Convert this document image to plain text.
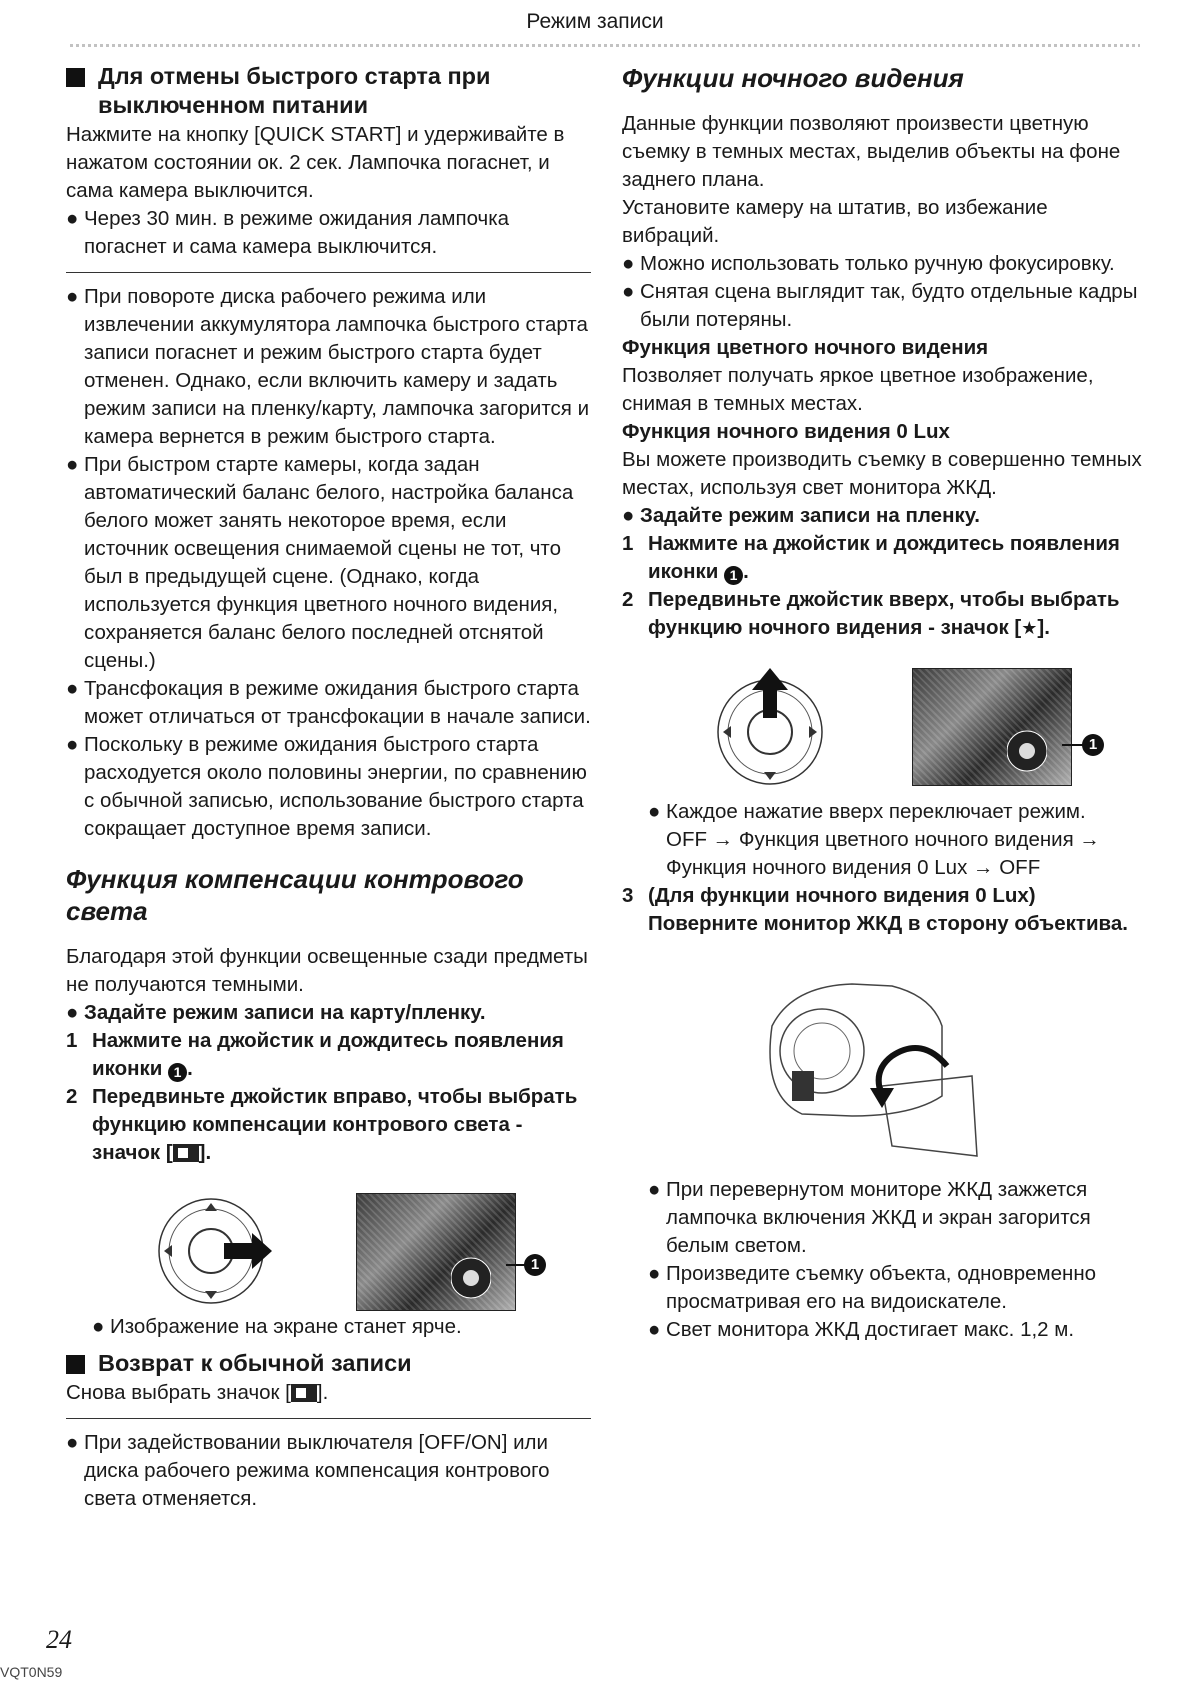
Режим записи
Для отмены быстрого старта при выключенном питании

Нажмите на кнопку [QUICK START] и удерживайте в нажатом состоянии ок. 2 сек. Лампочка погаснет, и сама камера выключится.

● Через 30 мин. в режиме ожидания лампочка погаснет и сама камера выключится.
● При повороте диска рабочего режима или извлечении аккумулятора лампочка быстрого старта записи погаснет и режим быстрого старта будет отменен. Однако, если включить камеру и задать режим записи на пленку/карту, лампочка загорится и камера вернется в режим быстрого старта.
● При быстром старте камеры, когда задан автоматический баланс белого, настройка баланса белого может занять некоторое время, если источник освещения снимаемой сцены не тот, что был в предыдущей сцене. (Однако, когда используется функция цветного ночного видения, сохраняется баланс белого последней отснятой сцены.)
● Трансфокация в режиме ожидания быстрого старта может отличаться от трансфокации в начале записи.
● Поскольку в режиме ожидания быстрого старта расходуется около половины энергии, по сравнению с обычной записью, использование быстрого старта сокращает доступное время записи.
Функция компенсации контрового света

Благодаря этой функции освещенные сзади предметы не получаются темными.

● Задайте режим записи на карту/пленку.
1 Нажмите на джойстик и дождитесь появления иконки 1 .
2 Передвиньте джойстик вправо, чтобы выбрать функцию компенсации контрового света - значок [ ].
1
● Изображение на экране станет ярче.
Возврат к обычной записи

Снова выбрать значок [ ].

● При задействовании выключателя [OFF/ON] или диска рабочего режима компенсация контрового света отменяется.
Функции ночного видения

Данные функции позволяют произвести цветную съемку в темных местах, выделив объекты на фоне заднего плана.

Установите камеру на штатив, во избежание вибраций.

● Можно использовать только ручную фокусировку.
● Снятая сцена выглядит так, будто отдельные кадры были потеряны.

Функция цветного ночного видения

Позволяет получать яркое цветное изображение, снимая в темных местах.

Функция ночного видения 0 Lux

Вы можете производить съемку в совершенно темных местах, используя свет монитора ЖКД.

● Задайте режим записи на пленку.
1 Нажмите на джойстик и дождитесь появления иконки 1 .
2 Передвиньте джойстик вверх, чтобы выбрать функцию ночного видения - значок [★].
1
● Каждое нажатие вверх переключает режим.

OFF → Функция цветного ночного видения → Функция ночного видения 0 Lux → OFF

3 (Для функции ночного видения 0 Lux) Поверните монитор ЖКД в сторону объектива.
● При перевернутом мониторе ЖКД зажжется лампочка включения ЖКД и экран загорится белым светом.
● Произведите съемку объекта, одновременно просматривая его на видоискателе.
● Свет монитора ЖКД достигает макс. 1,2 м.
24
VQT0N59
